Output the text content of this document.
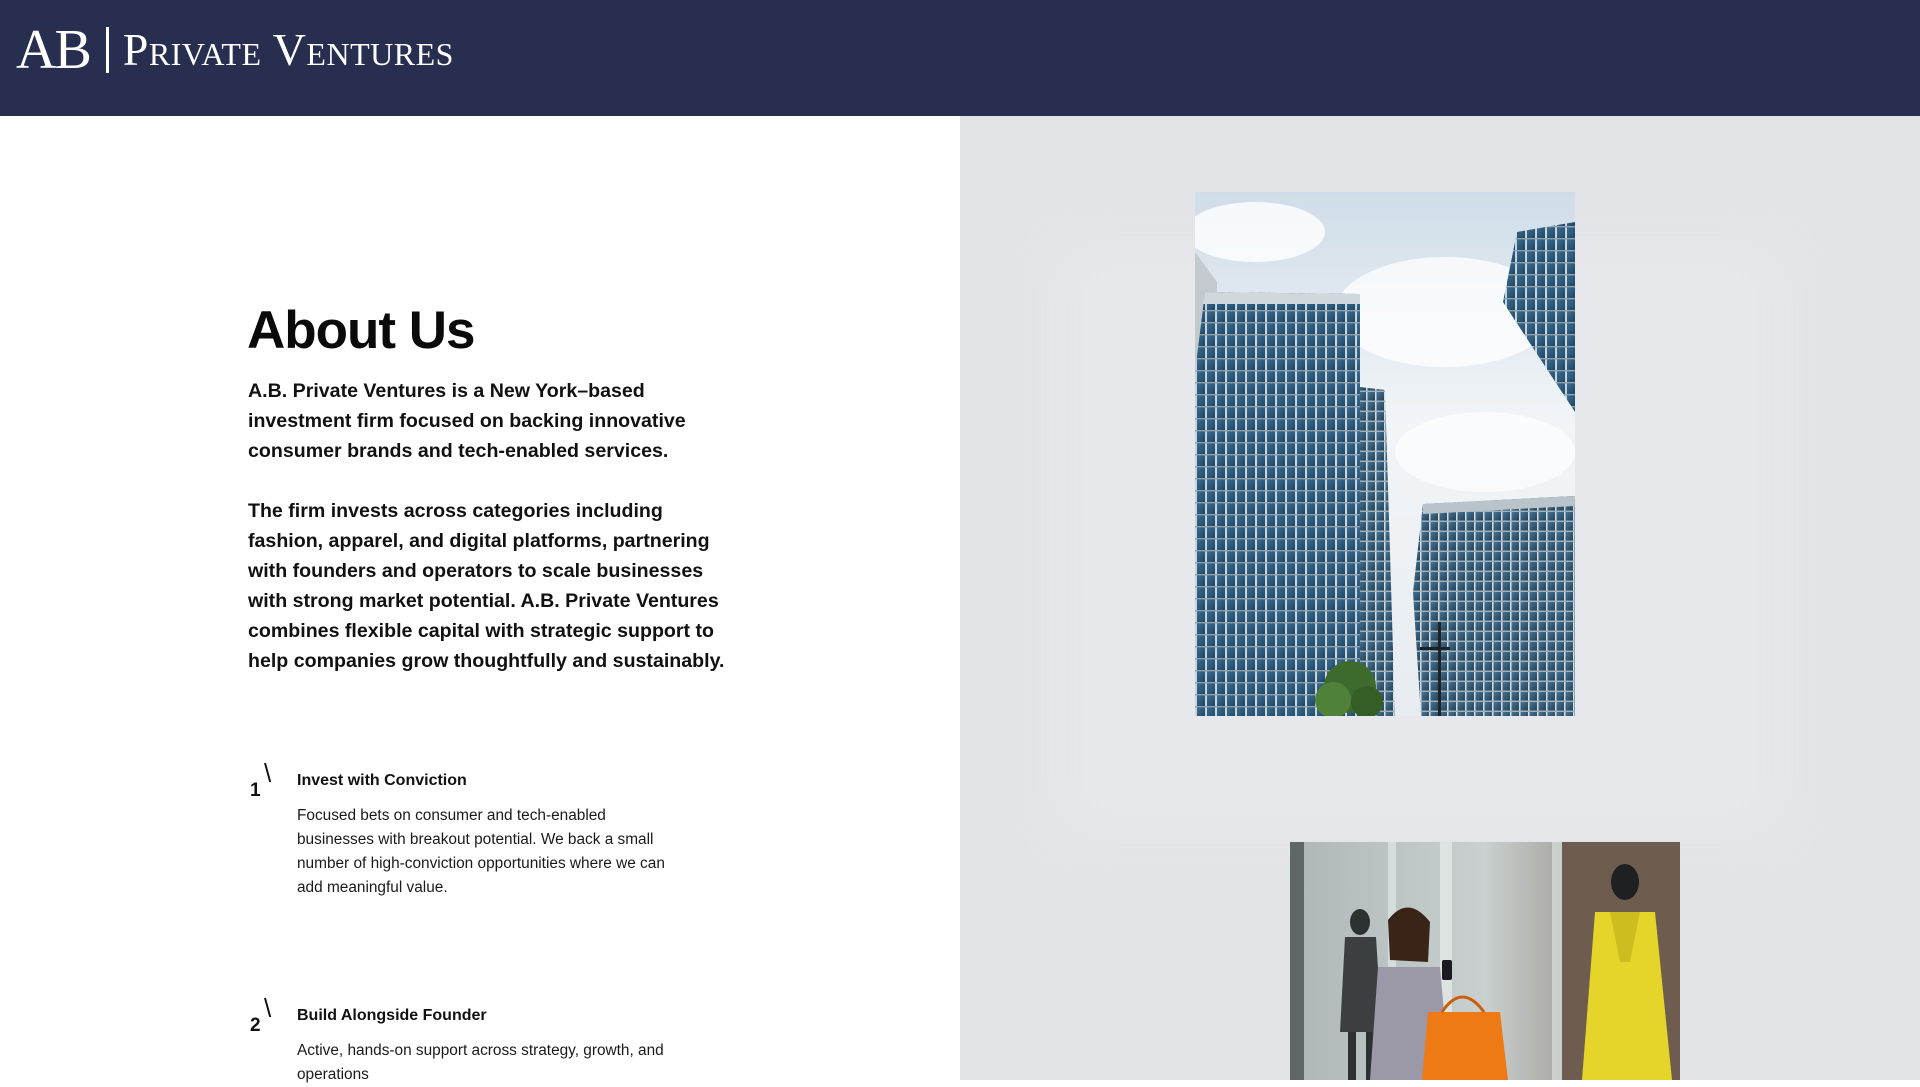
AB Private Ventures
About Us

A.B. Private Ventures is a New York–based investment firm focused on backing innovative consumer brands and tech-enabled services.

The firm invests across categories including fashion, apparel, and digital platforms, partnering with founders and operators to scale businesses with strong market potential. A.B. Private Ventures combines flexible capital with strategic support to help companies grow thoughtfully and sustainably.

1
\ Invest with Conviction

Focused bets on consumer and tech-enabled businesses with breakout potential. We back a small number of high-conviction opportunities where we can add meaningful value.

2
\ Build Alongside Founder

Active, hands-on support across strategy, growth, and operations
